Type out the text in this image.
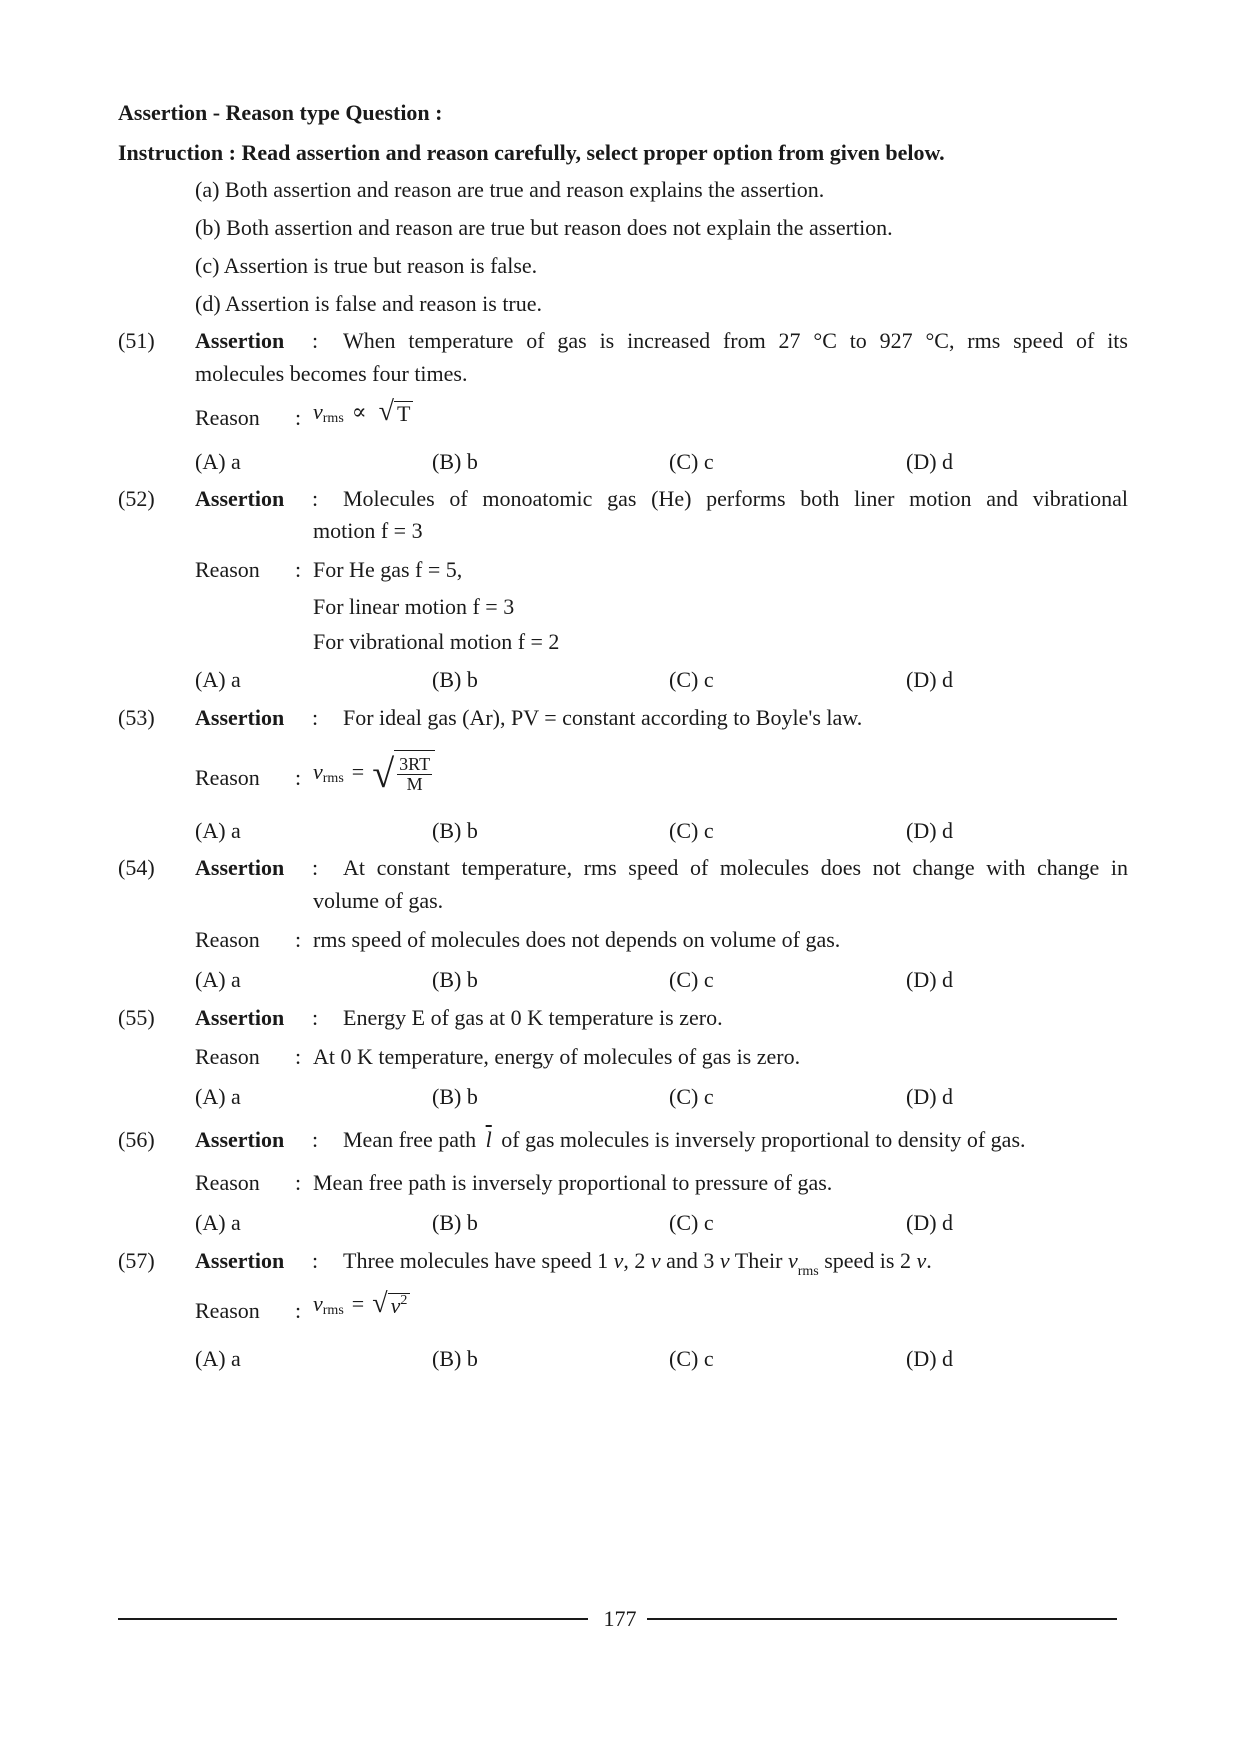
Assertion - Reason type Question :
Instruction : Read assertion and reason carefully, select proper option from given below.
(a) Both assertion and reason are true and reason explains the assertion.
(b) Both assertion and reason are true but reason does not explain the assertion.
(c) Assertion is true but reason is false.
(d) Assertion is false and reason is true.
(51) Assertion : When temperature of gas is increased from 27 °C to 927 °C, rms speed of its
molecules becomes four times.
Reason : v rms ∝ √ T
(A) a	(B) b	(C) c	(D) d
(52) Assertion : Molecules of monoatomic gas (He) performs both liner motion and vibrational
motion f = 3
Reason : For He gas f = 5,
For linear motion f = 3
For vibrational motion f = 2
(A) a	(B) b	(C) c	(D) d
(53) Assertion : For ideal gas (Ar), PV = constant according to Boyle's law.
Reason : v rms = √ $\frac{3RT}{M}$
(A) a	(B) b	(C) c	(D) d
(54) Assertion : At constant temperature, rms speed of molecules does not change with change in
volume of gas.
Reason : rms speed of molecules does not depends on volume of gas.
(A) a	(B) b	(C) c	(D) d
(55) Assertion : Energy E of gas at 0 K temperature is zero.
Reason : At 0 K temperature, energy of molecules of gas is zero.
(A) a	(B) b	(C) c	(D) d
(56) Assertion : Mean free path $\overline{l}$ of gas molecules is inversely proportional to density of gas.
Reason : Mean free path is inversely proportional to pressure of gas.
(A) a	(B) b	(C) c	(D) d
(57) Assertion : Three molecules have speed 1 v, 2 v and 3 v Their $v_{rms}$ speed is 2 v.
Reason : v rms = √ $v^2$
(A) a	(B) b	(C) c	(D) d
177
